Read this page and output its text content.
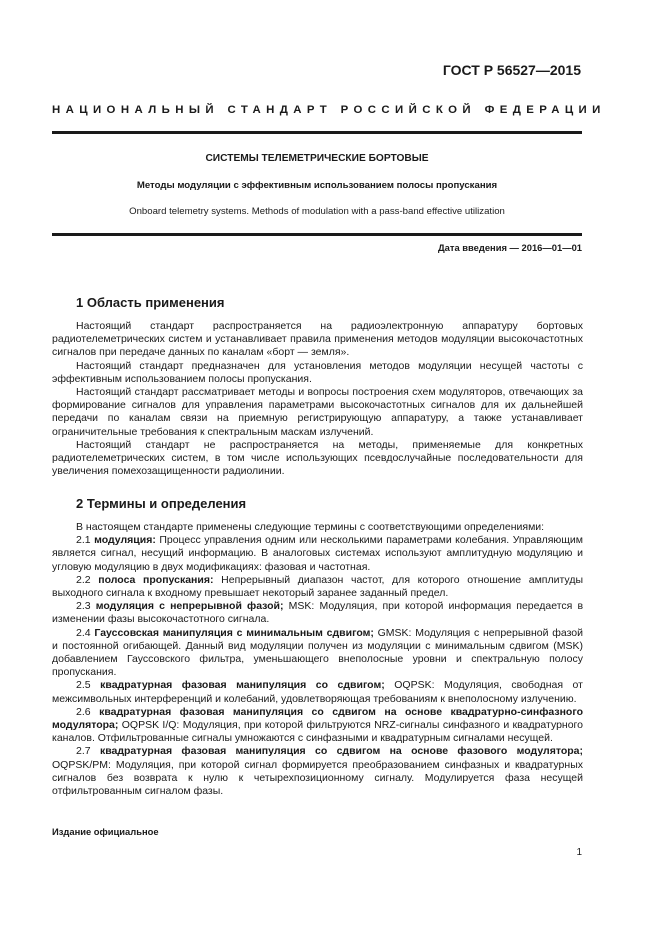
ГОСТ Р 56527—2015
НАЦИОНАЛЬНЫЙ СТАНДАРТ РОССИЙСКОЙ ФЕДЕРАЦИИ
СИСТЕМЫ ТЕЛЕМЕТРИЧЕСКИЕ БОРТОВЫЕ
Методы модуляции с эффективным использованием полосы пропускания
Onboard telemetry systems. Methods of modulation with a pass-band effective utilization
Дата введения — 2016—01—01
1 Область применения

Настоящий стандарт распространяется на радиоэлектронную аппаратуру бортовых радиотелеметрических систем и устанавливает правила применения методов модуляции высокочастотных сигналов при передаче данных по каналам «борт — земля».

Настоящий стандарт предназначен для установления методов модуляции несущей частоты с эффективным использованием полосы пропускания.

Настоящий стандарт рассматривает методы и вопросы построения схем модуляторов, отвечающих за формирование сигналов для управления параметрами высокочастотных сигналов для их дальнейшей передачи по каналам связи на приемную регистрирующую аппаратуру, а также устанавливает ограничительные требования к спектральным маскам излучений.

Настоящий стандарт не распространяется на методы, применяемые для конкретных радиотелеметрических систем, в том числе использующих псевдослучайные последовательности для увеличения помехозащищенности радиолинии.

2 Термины и определения

В настоящем стандарте применены следующие термины с соответствующими определениями:

2.1 модуляция: Процесс управления одним или несколькими параметрами колебания. Управляющим является сигнал, несущий информацию. В аналоговых системах используют амплитудную модуляцию и угловую модуляцию в двух модификациях: фазовая и частотная.

2.2 полоса пропускания: Непрерывный диапазон частот, для которого отношение амплитуды выходного сигнала к входному превышает некоторый заранее заданный предел.

2.3 модуляция с непрерывной фазой; MSK: Модуляция, при которой информация передается в изменении фазы высокочастотного сигнала.

2.4 Гауссовская манипуляция с минимальным сдвигом; GMSK: Модуляция с непрерывной фазой и постоянной огибающей. Данный вид модуляции получен из модуляции с минимальным сдвигом (MSK) добавлением Гауссовского фильтра, уменьшающего внеполосные уровни и спектральную полосу пропускания.

2.5 квадратурная фазовая манипуляция со сдвигом; OQPSK: Модуляция, свободная от межсимвольных интерференций и колебаний, удовлетворяющая требованиям к внеполосному излучению.

2.6 квадратурная фазовая манипуляция со сдвигом на основе квадратурно-синфазного модулятора; OQPSK I/Q: Модуляция, при которой фильтруются NRZ-сигналы синфазного и квадратурного каналов. Отфильтрованные сигналы умножаются с синфазными и квадратурным сигналами несущей.

2.7 квадратурная фазовая манипуляция со сдвигом на основе фазового модулятора; OQPSK/PM: Модуляция, при которой сигнал формируется преобразованием синфазных и квадратурных сигналов без возврата к нулю к четырехпозиционному сигналу. Модулируется фаза несущей отфильтрованным сигналом фазы.

Издание официальное
1
